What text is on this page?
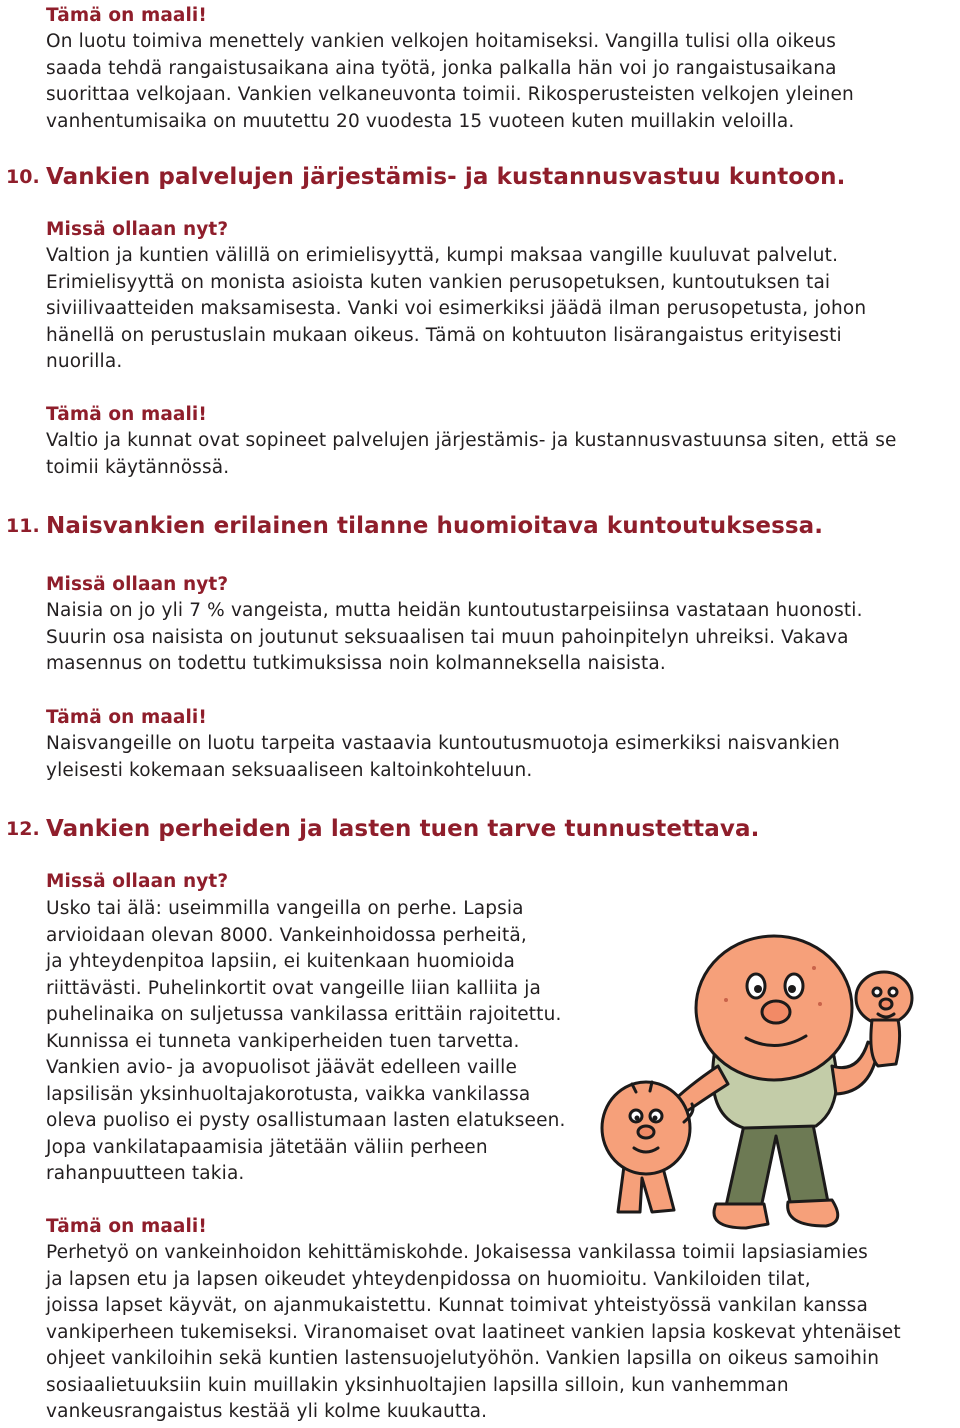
Tämä on maali!
On luotu toimiva menettely vankien velkojen hoitamiseksi. Vangilla tulisi olla oikeus
saada tehdä rangaistusaikana aina työtä, jonka palkalla hän voi jo rangaistusaikana
suorittaa velkojaan. Vankien velkaneuvonta toimii. Rikosperusteisten velkojen yleinen
vanhentumisaika on muutettu 20 vuodesta 15 vuoteen kuten muillakin veloilla.
10. Vankien palvelujen järjestämis- ja kustannusvastuu kuntoon.
Missä ollaan nyt?
Valtion ja kuntien välillä on erimielisyyttä, kumpi maksaa vangille kuuluvat palvelut.
Erimielisyyttä on monista asioista kuten vankien perusopetuksen, kuntoutuksen tai
siviilivaatteiden maksamisesta. Vanki voi esimerkiksi jäädä ilman perusopetusta, johon
hänellä on perustuslain mukaan oikeus. Tämä on kohtuuton lisärangaistus erityisesti
nuorilla.
Tämä on maali!
Valtio ja kunnat ovat sopineet palvelujen järjestämis- ja kustannusvastuunsa siten, että se
toimii käytännössä.
11. Naisvankien erilainen tilanne huomioitava kuntoutuksessa.
Missä ollaan nyt?
Naisia on jo yli 7 % vangeista, mutta heidän kuntoutustarpeisiinsa vastataan huonosti.
Suurin osa naisista on joutunut seksuaalisen tai muun pahoinpitelyn uhreiksi. Vakava
masennus on todettu tutkimuksissa noin kolmanneksella naisista.
Tämä on maali!
Naisvangeille on luotu tarpeita vastaavia kuntoutusmuotoja esimerkiksi naisvankien
yleisesti kokemaan seksuaaliseen kaltoinkohteluun.
12. Vankien perheiden ja lasten tuen tarve tunnustettava.
Missä ollaan nyt?
Usko tai älä: useimmilla vangeilla on perhe. Lapsia
arvioidaan olevan 8000. Vankeinhoidossa perheitä,
ja yhteydenpitoa lapsiin, ei kuitenkaan huomioida
riittävästi. Puhelinkortit ovat vangeille liian kalliita ja
puhelinaika on suljetussa vankilassa erittäin rajoitettu.
Kunnissa ei tunneta vankiperheiden tuen tarvetta.
Vankien avio- ja avopuolisot jäävät edelleen vaille
lapsilisän yksinhuoltajakorotusta, vaikka vankilassa
oleva puoliso ei pysty osallistumaan lasten elatukseen.
Jopa vankilatapaamisia jätetään väliin perheen
rahanpuutteen takia.
Tämä on maali!
Perhetyö on vankeinhoidon kehittämiskohde. Jokaisessa vankilassa toimii lapsiasiamies
ja lapsen etu ja lapsen oikeudet yhteydenpidossa on huomioitu. Vankiloiden tilat,
joissa lapset käyvät, on ajanmukaistettu. Kunnat toimivat yhteistyössä vankilan kanssa
vankiperheen tukemiseksi. Viranomaiset ovat laatineet vankien lapsia koskevat yhtenäiset
ohjeet vankiloihin sekä kuntien lastensuojelutyöhön. Vankien lapsilla on oikeus samoihin
sosiaalietuuksiin kuin muillakin yksinhuoltajien lapsilla silloin, kun vanhemman
vankeusrangaistus kestää yli kolme kuukautta.
